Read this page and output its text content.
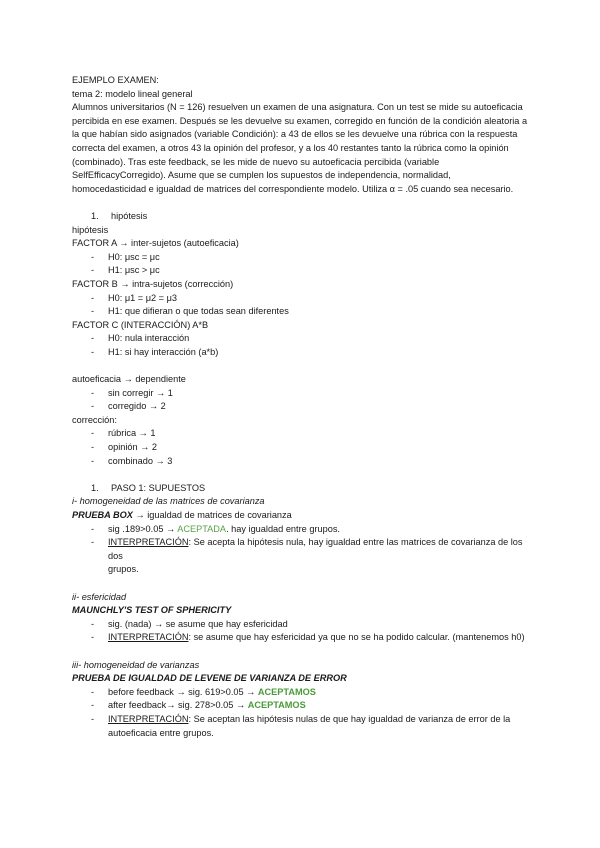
EJEMPLO EXAMEN:
tema 2: modelo lineal general
Alumnos universitarios (N = 126) resuelven un examen de una asignatura. Con un test se mide su autoeficacia
percibida en ese examen. Después se les devuelve su examen, corregido en función de la condición aleatoria a
la que habían sido asignados (variable Condición): a 43 de ellos se les devuelve una rúbrica con la respuesta
correcta del examen, a otros 43 la opinión del profesor, y a los 40 restantes tanto la rúbrica como la opinión
(combinado). Tras este feedback, se les mide de nuevo su autoeficacia percibida (variable
SelfEfficacyCorregido). Asume que se cumplen los supuestos de independencia, normalidad,
homocedasticidad e igualdad de matrices del correspondiente modelo. Utiliza α = .05 cuando sea necesario.
1. hipótesis
hipótesis
FACTOR A → inter-sujetos (autoeficacia)
- H0: μsc = μc
- H1: μsc > μc
FACTOR B → intra-sujetos (corrección)
- H0: μ1 = μ2 = μ3
- H1: que difieran o que todas sean diferentes
FACTOR C (INTERACCIÓN) A*B
- H0: nula interacción
- H1: si hay interacción (a*b)
autoeficacia → dependiente
- sin corregir → 1
- corregido → 2
corrección:
- rúbrica → 1
- opinión → 2
- combinado → 3
1. PASO 1: SUPUESTOS
i- homogeneidad de las matrices de covarianza
PRUEBA BOX → igualdad de matrices de covarianza
- sig .189>0.05 → ACEPTADA. hay igualdad entre grupos.
- INTERPRETACIÓN: Se acepta la hipótesis nula, hay igualdad entre las matrices de covarianza de los dos
grupos.
ii- esfericidad
MAUNCHLY'S TEST OF SPHERICITY
- sig. (nada) → se asume que hay esfericidad
- INTERPRETACIÓN: se asume que hay esfericidad ya que no se ha podido calcular. (mantenemos h0)
iii- homogeneidad de varianzas
PRUEBA DE IGUALDAD DE LEVENE DE VARIANZA DE ERROR
- before feedback → sig. 619>0.05 → ACEPTAMOS
- after feedback→ sig. 278>0.05 → ACEPTAMOS
- INTERPRETACIÓN: Se aceptan las hipótesis nulas de que hay igualdad de varianza de error de la
autoeficacia entre grupos.
